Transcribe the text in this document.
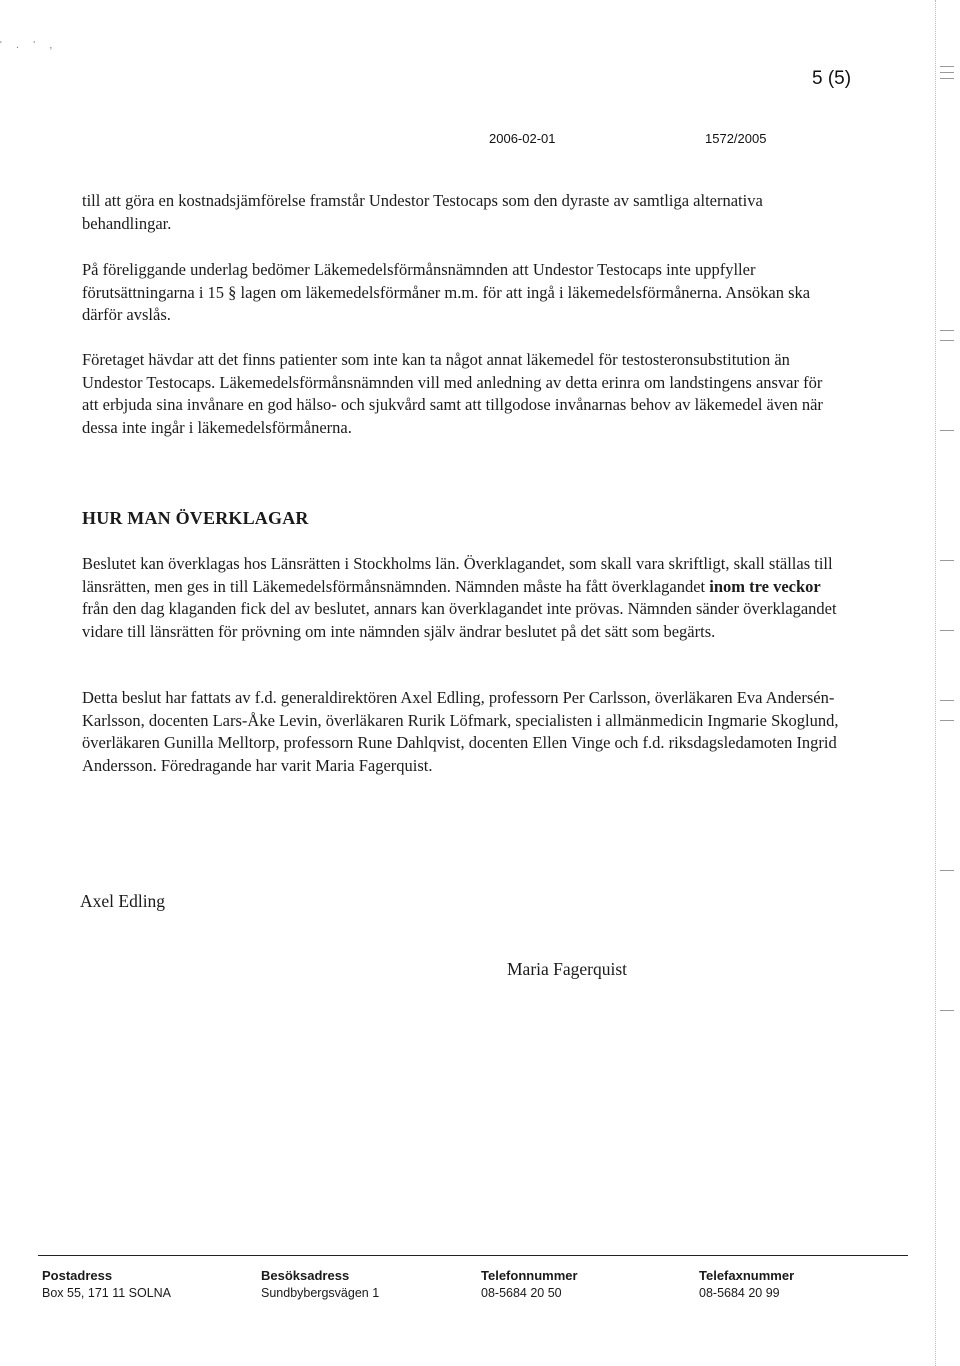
' . ' ,
5 (5)
2006-02-01	1572/2005

till att göra en kostnadsjämförelse framstår Undestor Testocaps som den dyraste av samtliga alternativa behandlingar.

På föreliggande underlag bedömer Läkemedelsförmånsnämnden att Undestor Testocaps inte uppfyller förutsättningarna i 15 § lagen om läkemedelsförmåner m.m. för att ingå i läkemedelsförmånerna. Ansökan ska därför avslås.

Företaget hävdar att det finns patienter som inte kan ta något annat läkemedel för testosteronsubstitution än Undestor Testocaps. Läkemedelsförmånsnämnden vill med anledning av detta erinra om landstingens ansvar för att erbjuda sina invånare en god hälso- och sjukvård samt att tillgodose invånarnas behov av läkemedel även när dessa inte ingår i läkemedelsförmånerna.

HUR MAN ÖVERKLAGAR

Beslutet kan överklagas hos Länsrätten i Stockholms län. Överklagandet, som skall vara skriftligt, skall ställas till länsrätten, men ges in till Läkemedelsförmånsnämnden. Nämnden måste ha fått överklagandet inom tre veckor från den dag klaganden fick del av beslutet, annars kan överklagandet inte prövas. Nämnden sänder överklagandet vidare till länsrätten för prövning om inte nämnden själv ändrar beslutet på det sätt som begärts.

Detta beslut har fattats av f.d. generaldirektören Axel Edling, professorn Per Carlsson, överläkaren Eva Andersén-Karlsson, docenten Lars-Åke Levin, överläkaren Rurik Löfmark, specialisten i allmänmedicin Ingmarie Skoglund, överläkaren Gunilla Melltorp, professorn Rune Dahlqvist, docenten Ellen Vinge och f.d. riksdagsledamoten Ingrid Andersson. Föredragande har varit Maria Fagerquist.

Axel Edling
Maria Fagerquist
Postadress
Box 55, 171 11 SOLNA
Besöksadress
Sundbybergsvägen 1
Telefonnummer
08-5684 20 50
Telefaxnummer
08-5684 20 99
